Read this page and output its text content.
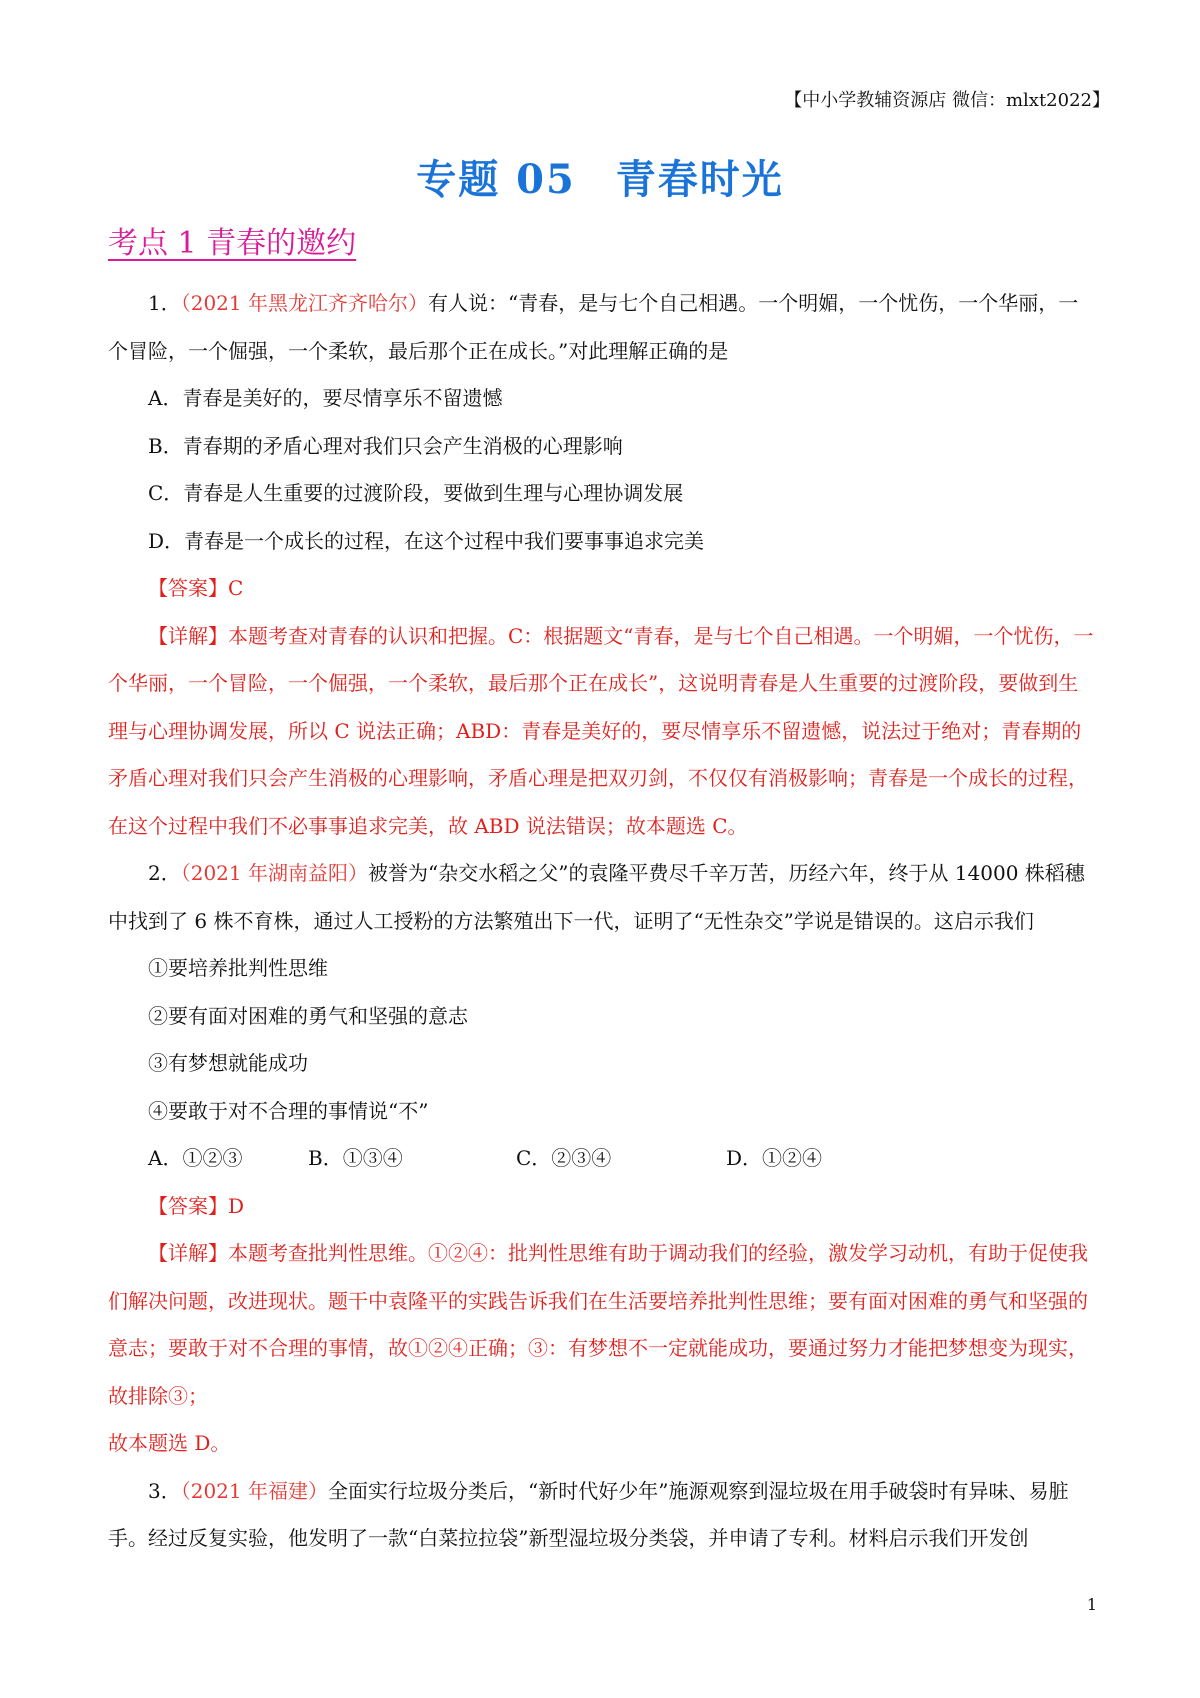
【中小学教辅资源店 微信：mlxt2022】
专题 05 青春时光
考点 1 青春的邀约

1．（2021 年黑龙江齐齐哈尔）有人说：“青春，是与七个自己相遇。一个明媚，一个忧伤，一个华丽，一个冒险，一个倔强，一个柔软，最后那个正在成长。”对此理解正确的是

A．青春是美好的，要尽情享乐不留遗憾

B．青春期的矛盾心理对我们只会产生消极的心理影响

C．青春是人生重要的过渡阶段，要做到生理与心理协调发展

D．青春是一个成长的过程，在这个过程中我们要事事追求完美

【答案】C

【详解】本题考查对青春的认识和把握。C：根据题文“青春，是与七个自己相遇。一个明媚，一个忧伤，一个华丽，一个冒险，一个倔强，一个柔软，最后那个正在成长”，这说明青春是人生重要的过渡阶段，要做到生理与心理协调发展，所以 C 说法正确；ABD：青春是美好的，要尽情享乐不留遗憾，说法过于绝对；青春期的矛盾心理对我们只会产生消极的心理影响，矛盾心理是把双刃剑，不仅仅有消极影响；青春是一个成长的过程，在这个过程中我们不必事事追求完美，故 ABD 说法错误；故本题选 C。

2．（2021 年湖南益阳）被誉为“杂交水稻之父”的袁隆平费尽千辛万苦，历经六年，终于从 14000 株稻穗中找到了 6 株不育株，通过人工授粉的方法繁殖出下一代，证明了“无性杂交”学说是错误的。这启示我们

①要培养批判性思维

②要有面对困难的勇气和坚强的意志

③有梦想就能成功

④要敢于对不合理的事情说“不”

A．①②③	B．①③④	C．②③④	D．①②④

【答案】D

【详解】本题考查批判性思维。①②④：批判性思维有助于调动我们的经验，激发学习动机，有助于促使我们解决问题，改进现状。题干中袁隆平的实践告诉我们在生活要培养批判性思维；要有面对困难的勇气和坚强的意志；要敢于对不合理的事情，故①②④正确；③：有梦想不一定就能成功，要通过努力才能把梦想变为现实，故排除③；

故本题选 D。

3．（2021 年福建）全面实行垃圾分类后，“新时代好少年”施源观察到湿垃圾在用手破袋时有异味、易脏手。经过反复实验，他发明了一款“白菜拉拉袋”新型湿垃圾分类袋，并申请了专利。材料启示我们开发创

1
